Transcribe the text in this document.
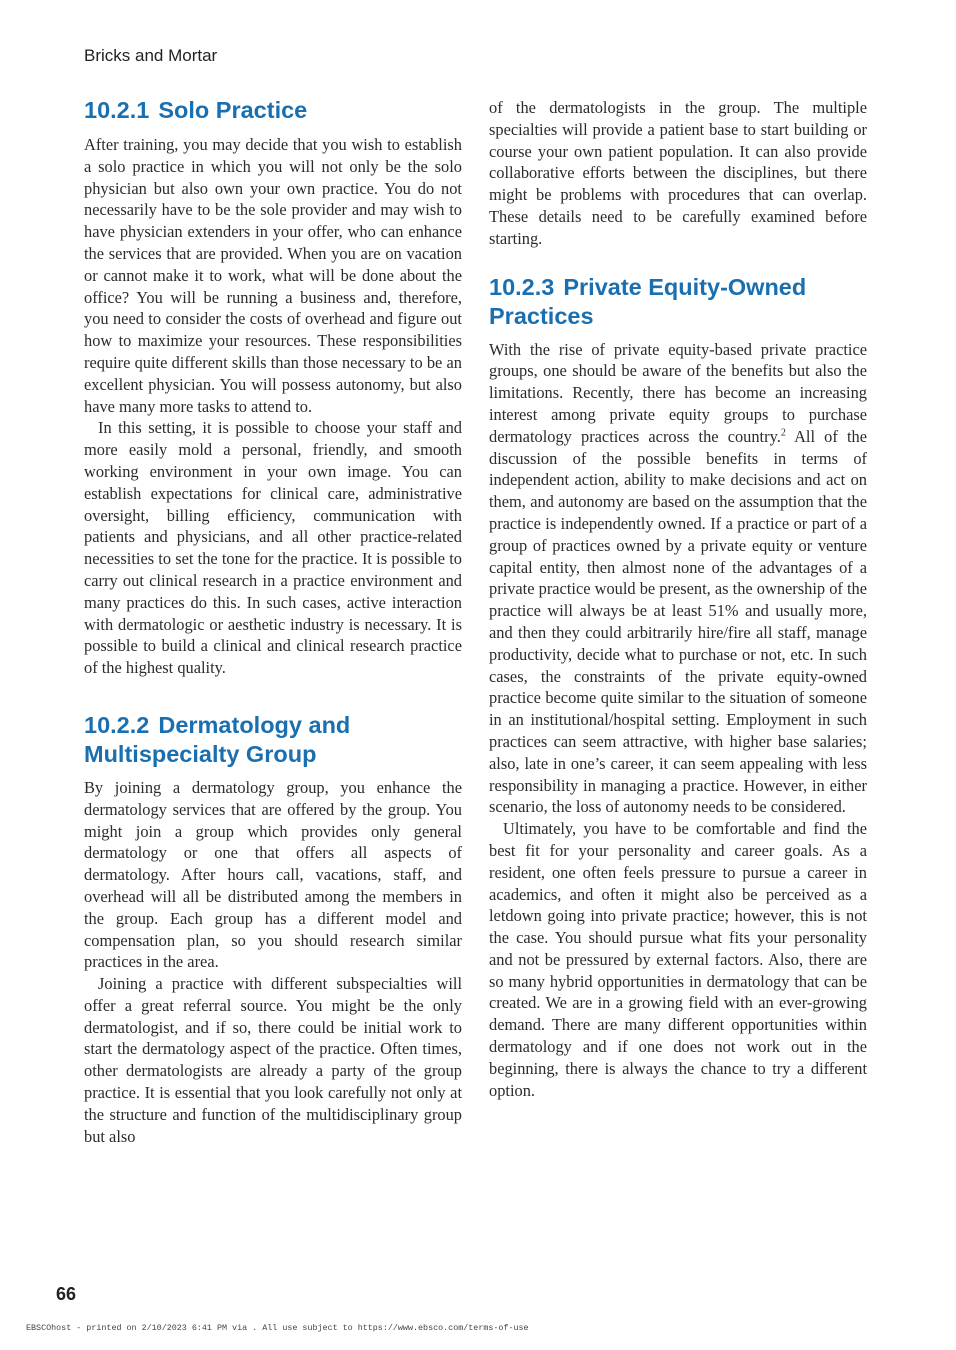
Bricks and Mortar
10.2.1 Solo Practice

After training, you may decide that you wish to establish a solo practice in which you will not only be the solo physician but also own your own practice. You do not necessarily have to be the sole provider and may wish to have physician extenders in your offer, who can enhance the services that are provided. When you are on vacation or cannot make it to work, what will be done about the office? You will be running a business and, therefore, you need to consider the costs of overhead and figure out how to maximize your resources. These responsibilities require quite different skills than those necessary to be an excellent physician. You will possess autonomy, but also have many more tasks to attend to.

In this setting, it is possible to choose your staff and more easily mold a personal, friendly, and smooth working environment in your own image. You can establish expectations for clinical care, administrative oversight, billing efficiency, communication with patients and physicians, and all other practice-related necessities to set the tone for the practice. It is possible to carry out clinical research in a practice environment and many practices do this. In such cases, active interaction with dermatologic or aesthetic industry is necessary. It is possible to build a clinical and clinical research practice of the highest quality.

10.2.2 Dermatology and
Multispecialty Group

By joining a dermatology group, you enhance the dermatology services that are offered by the group. You might join a group which provides only general dermatology or one that offers all aspects of dermatology. After hours call, vacations, staff, and overhead will all be distributed among the members in the group. Each group has a different model and compensation plan, so you should research similar practices in the area.

Joining a practice with different subspecialties will offer a great referral source. You might be the only dermatologist, and if so, there could be initial work to start the dermatology aspect of the practice. Often times, other dermatologists are already a party of the group practice. It is essential that you look carefully not only at the structure and function of the multidisciplinary group but also

of the dermatologists in the group. The multiple specialties will provide a patient base to start building or course your own patient population. It can also provide collaborative efforts between the disciplines, but there might be problems with procedures that can overlap. These details need to be carefully examined before starting.

10.2.3 Private Equity-Owned
Practices

With the rise of private equity-based private practice groups, one should be aware of the benefits but also the limitations. Recently, there has become an increasing interest among private equity groups to purchase dermatology practices across the country.$^2$ All of the discussion of the possible benefits in terms of independent action, ability to make decisions and act on them, and autonomy are based on the assumption that the practice is independently owned. If a practice or part of a group of practices owned by a private equity or venture capital entity, then almost none of the advantages of a private practice would be present, as the ownership of the practice will always be at least 51% and usually more, and then they could arbitrarily hire/fire all staff, manage productivity, decide what to purchase or not, etc. In such cases, the constraints of the private equity-owned practice become quite similar to the situation of someone in an institutional/hospital setting. Employment in such practices can seem attractive, with higher base salaries; also, late in one’s career, it can seem appealing with less responsibility in managing a practice. However, in either scenario, the loss of autonomy needs to be considered.

Ultimately, you have to be comfortable and find the best fit for your personality and career goals. As a resident, one often feels pressure to pursue a career in academics, and often it might also be perceived as a letdown going into private practice; however, this is not the case. You should pursue what fits your personality and not be pressured by external factors. Also, there are so many hybrid opportunities in dermatology that can be created. We are in a growing field with an ever-growing demand. There are many different opportunities within dermatology and if one does not work out in the beginning, there is always the chance to try a different option.

66
EBSCOhost - printed on 2/10/2023 6:41 PM via . All use subject to https://www.ebsco.com/terms-of-use
